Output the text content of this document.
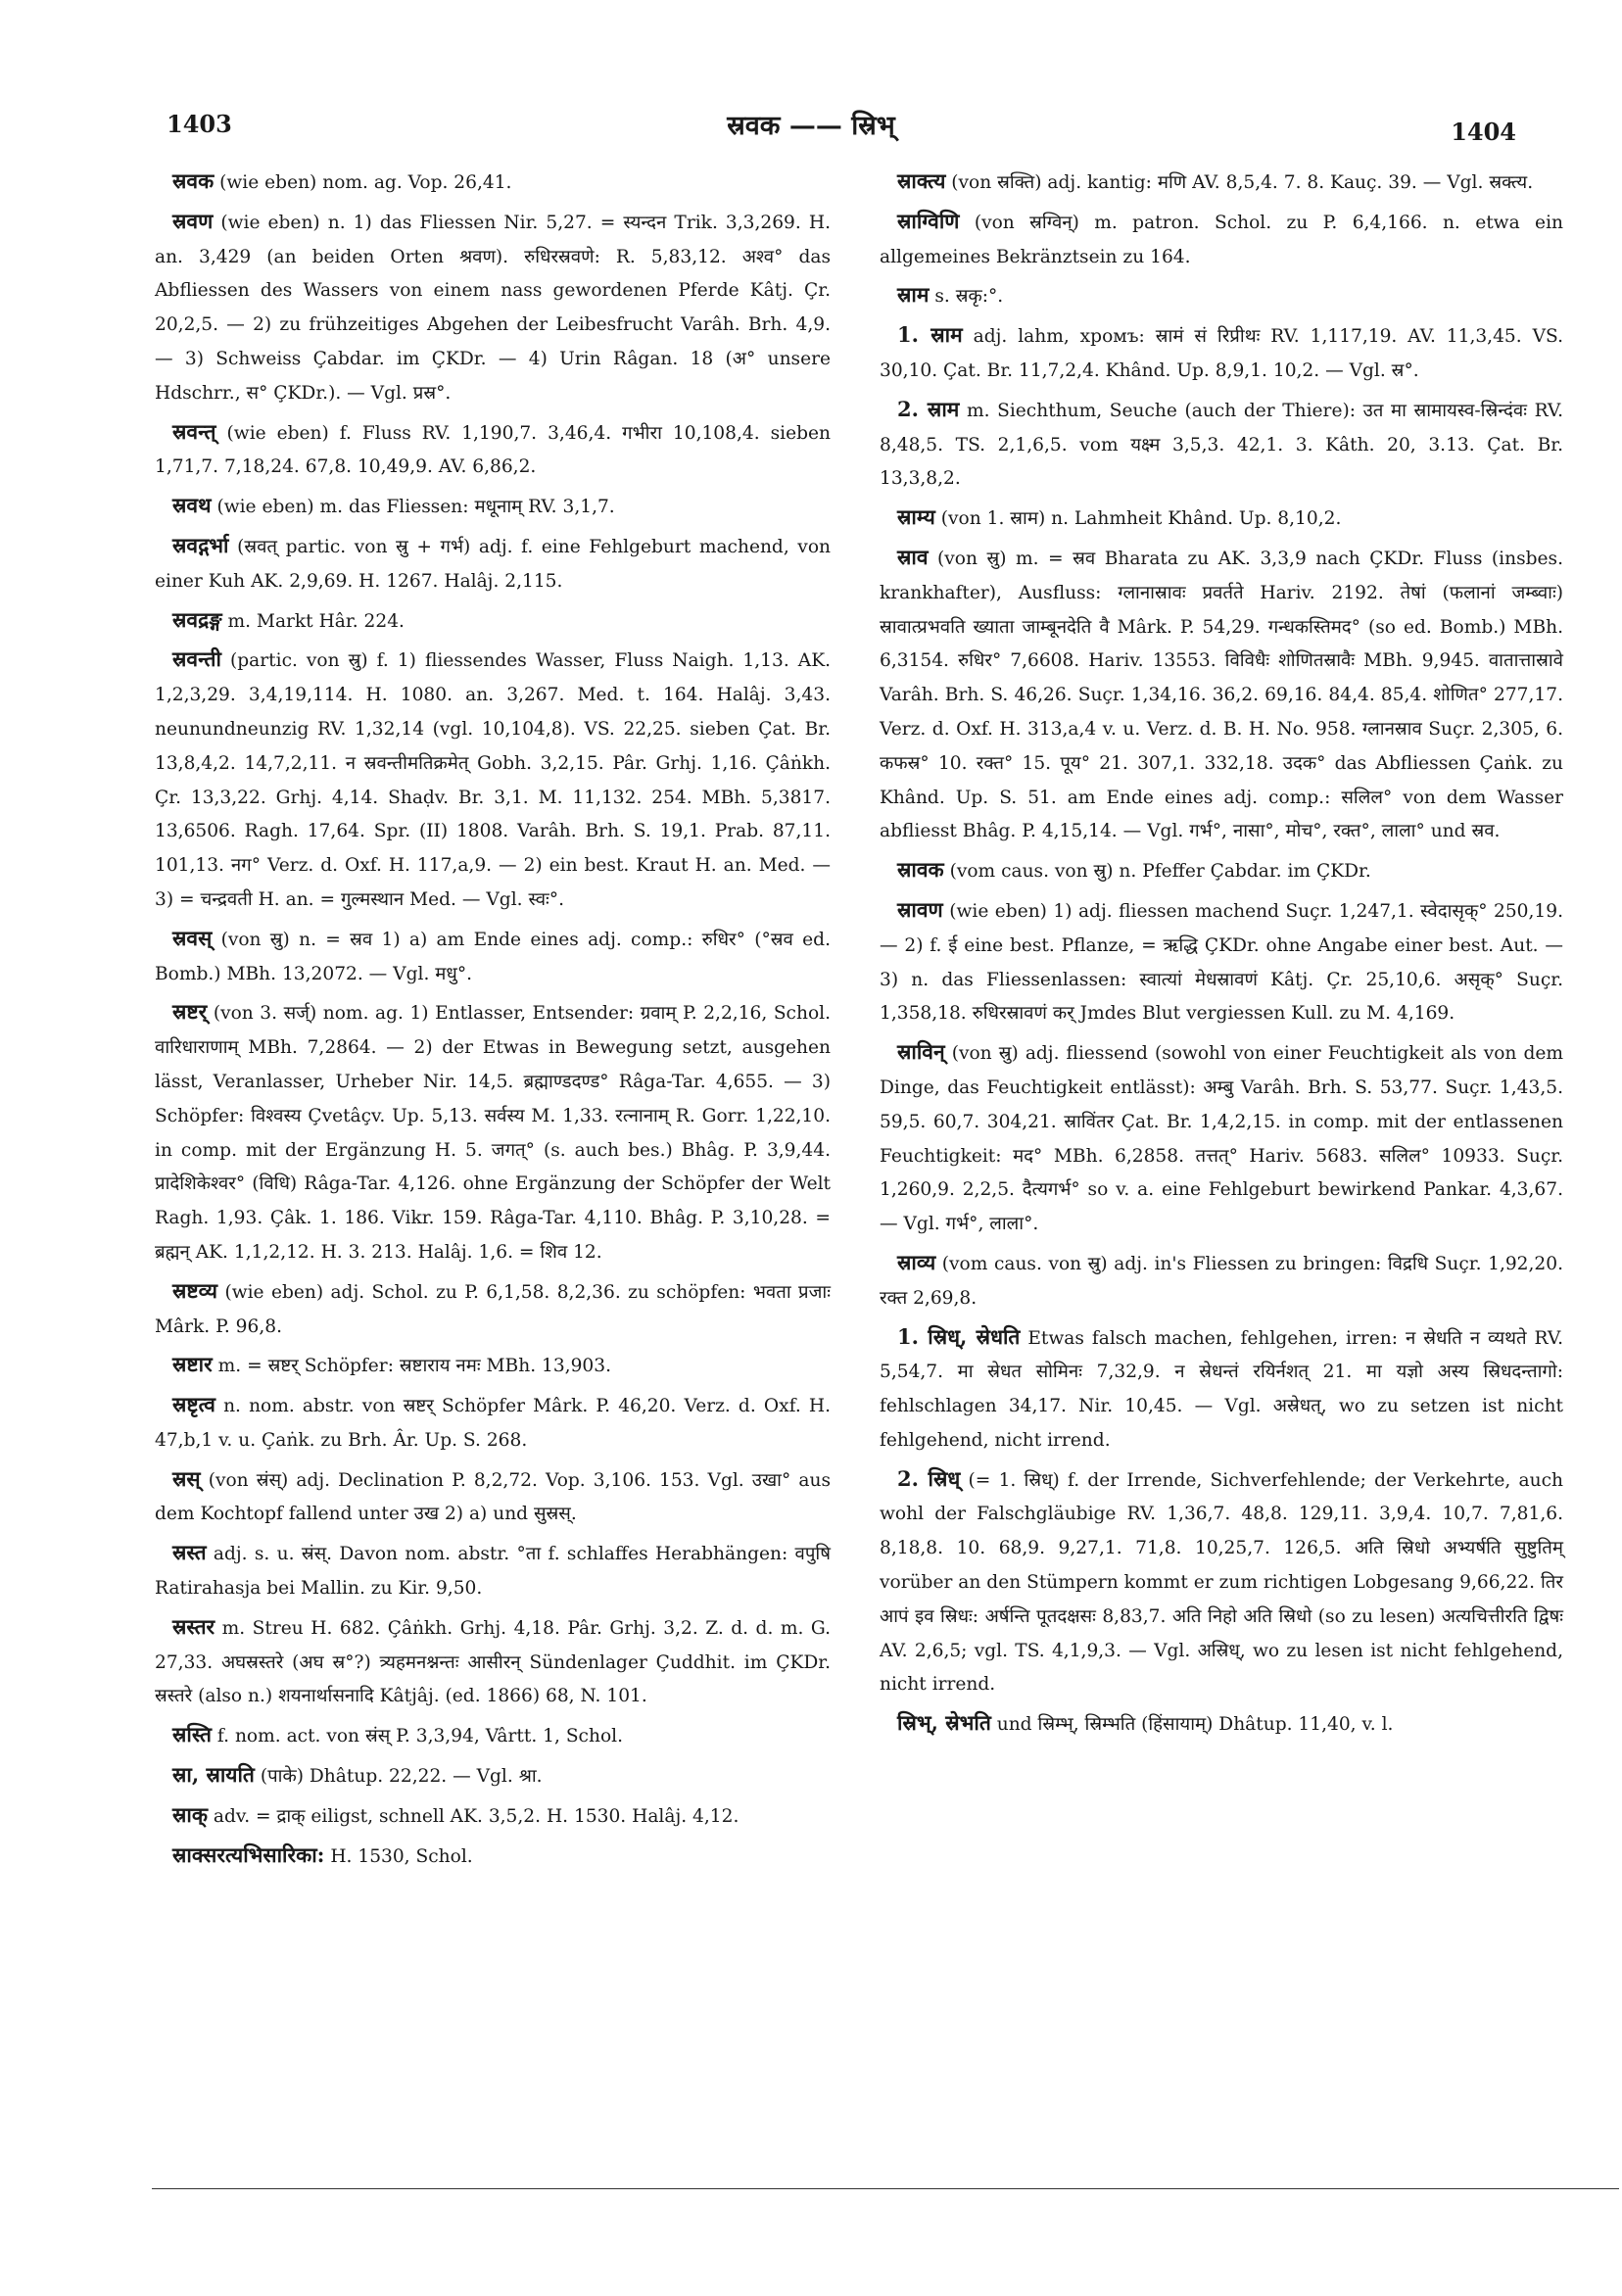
1403	स्रवक —— स्रिभ्	1404

स्रवक (wie eben) nom. ag. Vop. 26,41.

स्रवण (wie eben) n. 1) das Fliessen Nir. 5,27. = स्यन्दन Trik. 3,3,269. H. an. 3,429 (an beiden Orten श्रवण). रुधिरस्रवणे: R. 5,83,12. अश्व° das Abfliessen des Wassers von einem nass gewordenen Pferde Kâtj. Çr. 20,2,5. — 2) zu frühzeitiges Abgehen der Leibesfrucht Varâh. Brh. 4,9. — 3) Schweiss Çabdar. im ÇKDr. — 4) Urin Râgan. 18 (अ° unsere Hdschrr., स° ÇKDr.). — Vgl. प्रस्र°.

स्रवन्त् (wie eben) f. Fluss RV. 1,190,7. 3,46,4. गभीरा 10,108,4. sieben 1,71,7. 7,18,24. 67,8. 10,49,9. AV. 6,86,2.

स्रवथ (wie eben) m. das Fliessen: मधूनाम् RV. 3,1,7.

स्रवद्गर्भा (स्रवत् partic. von स्रु + गर्भ) adj. f. eine Fehlgeburt machend, von einer Kuh AK. 2,9,69. H. 1267. Halâj. 2,115.

स्रवद्रङ्ग m. Markt Hâr. 224.

स्रवन्ती (partic. von स्रु) f. 1) fliessendes Wasser, Fluss Naigh. 1,13. AK. 1,2,3,29. 3,4,19,114. H. 1080. an. 3,267. Med. t. 164. Halâj. 3,43. neunundneunzig RV. 1,32,14 (vgl. 10,104,8). VS. 22,25. sieben Çat. Br. 13,8,4,2. 14,7,2,11. न स्रवन्तीमतिक्रमेत् Gobh. 3,2,15. Pâr. Grhj. 1,16. Çâṅkh. Çr. 13,3,22. Grhj. 4,14. Shaḍv. Br. 3,1. M. 11,132. 254. MBh. 5,3817. 13,6506. Ragh. 17,64. Spr. (II) 1808. Varâh. Brh. S. 19,1. Prab. 87,11. 101,13. नग° Verz. d. Oxf. H. 117,a,9. — 2) ein best. Kraut H. an. Med. — 3) = चन्द्रवती H. an. = गुल्मस्थान Med. — Vgl. स्वः°.

स्रवस् (von स्रु) n. = स्रव 1) a) am Ende eines adj. comp.: रुधिर° (°स्रव ed. Bomb.) MBh. 13,2072. — Vgl. मधु°.

स्रष्टर् (von 3. सर्ज्) nom. ag. 1) Entlasser, Entsender: ग्रवाम् P. 2,2,16, Schol. वारिधाराणाम् MBh. 7,2864. — 2) der Etwas in Bewegung setzt, ausgehen lässt, Veranlasser, Urheber Nir. 14,5. ब्रह्माण्डदण्ड° Râga-Tar. 4,655. — 3) Schöpfer: विश्वस्य Çvetâçv. Up. 5,13. सर्वस्य M. 1,33. रत्नानाम् R. Gorr. 1,22,10. in comp. mit der Ergänzung H. 5. जगत्° (s. auch bes.) Bhâg. P. 3,9,44. प्रादेशिकेश्वर° (विधि) Râga-Tar. 4,126. ohne Ergänzung der Schöpfer der Welt Ragh. 1,93. Çâk. 1. 186. Vikr. 159. Râga-Tar. 4,110. Bhâg. P. 3,10,28. = ब्रह्मन् AK. 1,1,2,12. H. 3. 213. Halâj. 1,6. = शिव 12.

स्रष्टव्य (wie eben) adj. Schol. zu P. 6,1,58. 8,2,36. zu schöpfen: भवता प्रजाः Mârk. P. 96,8.

स्रष्टार m. = स्रष्टर् Schöpfer: स्रष्टाराय नमः MBh. 13,903.

स्रष्टृत्व n. nom. abstr. von स्रष्टर् Schöpfer Mârk. P. 46,20. Verz. d. Oxf. H. 47,b,1 v. u. Çaṅk. zu Brh. Âr. Up. S. 268.

स्रस् (von स्रंस्) adj. Declination P. 8,2,72. Vop. 3,106. 153. Vgl. उखा° aus dem Kochtopf fallend unter उख 2) a) und सुस्रस्.

स्रस्त adj. s. u. स्रंस्. Davon nom. abstr. °ता f. schlaffes Herabhängen: वपुषि Ratirahasja bei Mallin. zu Kir. 9,50.

स्रस्तर m. Streu H. 682. Çâṅkh. Grhj. 4,18. Pâr. Grhj. 3,2. Z. d. d. m. G. 27,33. अघस्रस्तरे (अघ स्र°?) त्र्यहमनश्नन्तः आसीरन् Sündenlager Çuddhit. im ÇKDr. स्रस्तरे (also n.) शयनार्थासनादि Kâtjâj. (ed. 1866) 68, N. 101.

स्रस्ति f. nom. act. von स्रंस् P. 3,3,94, Vârtt. 1, Schol.

स्रा, स्रायति (पाके) Dhâtup. 22,22. — Vgl. श्रा.

स्राक् adv. = द्राक् eiligst, schnell AK. 3,5,2. H. 1530. Halâj. 4,12.

स्राक्सरत्यभिसारिका: H. 1530, Schol.

स्राक्त्य (von स्रक्ति) adj. kantig: मणि AV. 8,5,4. 7. 8. Kauç. 39. — Vgl. स्रक्त्य.

स्राग्विणि (von स्रग्विन्) m. patron. Schol. zu P. 6,4,166. n. etwa ein allgemeines Bekränztsein zu 164.

स्राम s. स्रकृ:°.

1. स्राम adj. lahm, хромъ: स्रामं सं रिप्रीथः RV. 1,117,19. AV. 11,3,45. VS. 30,10. Çat. Br. 11,7,2,4. Khând. Up. 8,9,1. 10,2. — Vgl. स्र°.

2. स्राम m. Siechthum, Seuche (auch der Thiere): उत मा स्रामायस्व-स्रिन्दंवः RV. 8,48,5. TS. 2,1,6,5. vom यक्ष्म 3,5,3. 42,1. 3. Kâth. 20, 3.13. Çat. Br. 13,3,8,2.

स्राम्य (von 1. स्राम) n. Lahmheit Khând. Up. 8,10,2.

स्राव (von स्रु) m. = स्रव Bharata zu AK. 3,3,9 nach ÇKDr. Fluss (insbes. krankhafter), Ausfluss: ग्लानास्रावः प्रवर्तते Hariv. 2192. तेषां (फलानां जम्ब्वाः) स्रावात्प्रभवति ख्याता जाम्बूनदेति वै Mârk. P. 54,29. गन्धकस्तिमद° (so ed. Bomb.) MBh. 6,3154. रुधिर° 7,6608. Hariv. 13553. विविधैः शोणितस्रावैः MBh. 9,945. वातात्तास्रावे Varâh. Brh. S. 46,26. Suçr. 1,34,16. 36,2. 69,16. 84,4. 85,4. शोणित° 277,17. Verz. d. Oxf. H. 313,a,4 v. u. Verz. d. B. H. No. 958. ग्लानस्राव Suçr. 2,305, 6. कफस्र° 10. रक्त° 15. पूय° 21. 307,1. 332,18. उदक° das Abfliessen Çaṅk. zu Khând. Up. S. 51. am Ende eines adj. comp.: सलिल° von dem Wasser abfliesst Bhâg. P. 4,15,14. — Vgl. गर्भ°, नासा°, मोच°, रक्त°, लाला° und स्रव.

स्रावक (vom caus. von स्रु) n. Pfeffer Çabdar. im ÇKDr.

स्रावण (wie eben) 1) adj. fliessen machend Suçr. 1,247,1. स्वेदासृक्° 250,19. — 2) f. ई eine best. Pflanze, = ऋद्धि ÇKDr. ohne Angabe einer best. Aut. — 3) n. das Fliessenlassen: स्वात्यां मेधस्रावणं Kâtj. Çr. 25,10,6. असृक्° Suçr. 1,358,18. रुधिरस्रावणं कर् Jmdes Blut vergiessen Kull. zu M. 4,169.

स्राविन् (von स्रु) adj. fliessend (sowohl von einer Feuchtigkeit als von dem Dinge, das Feuchtigkeit entlässt): अम्बु Varâh. Brh. S. 53,77. Suçr. 1,43,5. 59,5. 60,7. 304,21. स्राविंतर Çat. Br. 1,4,2,15. in comp. mit der entlassenen Feuchtigkeit: मद° MBh. 6,2858. तत्तत्° Hariv. 5683. सलिल° 10933. Suçr. 1,260,9. 2,2,5. दैत्यगर्भ° so v. a. eine Fehlgeburt bewirkend Pankar. 4,3,67. — Vgl. गर्भ°, लाला°.

स्राव्य (vom caus. von स्रु) adj. in's Fliessen zu bringen: विद्रधि Suçr. 1,92,20. रक्त 2,69,8.

1. स्रिध्, स्रेधति Etwas falsch machen, fehlgehen, irren: न स्रेधति न व्यथते RV. 5,54,7. मा स्रेधत सोमिनः 7,32,9. न स्रेधन्तं रयिर्नशत् 21. मा यज्ञो अस्य स्रिधदन्तागो: fehlschlagen 34,17. Nir. 10,45. — Vgl. अस्रेधत्, wo zu setzen ist nicht fehlgehend, nicht irrend.

2. स्रिध् (= 1. स्रिध्) f. der Irrende, Sichverfehlende; der Verkehrte, auch wohl der Falschgläubige RV. 1,36,7. 48,8. 129,11. 3,9,4. 10,7. 7,81,6. 8,18,8. 10. 68,9. 9,27,1. 71,8. 10,25,7. 126,5. अति स्रिधो अभ्यर्षति सुष्टुतिम् vorüber an den Stümpern kommt er zum richtigen Lobgesang 9,66,22. तिर आपं इव स्रिधः: अर्षन्ति पूतदक्षसः 8,83,7. अति निहो अति स्रिधो (so zu lesen) अत्यचित्तीरति द्विषः AV. 2,6,5; vgl. TS. 4,1,9,3. — Vgl. अस्रिध्, wo zu lesen ist nicht fehlgehend, nicht irrend.

स्रिभ्, स्रेभति und स्रिम्भ्, स्रिम्भति (हिंसायाम्) Dhâtup. 11,40, v. l.
